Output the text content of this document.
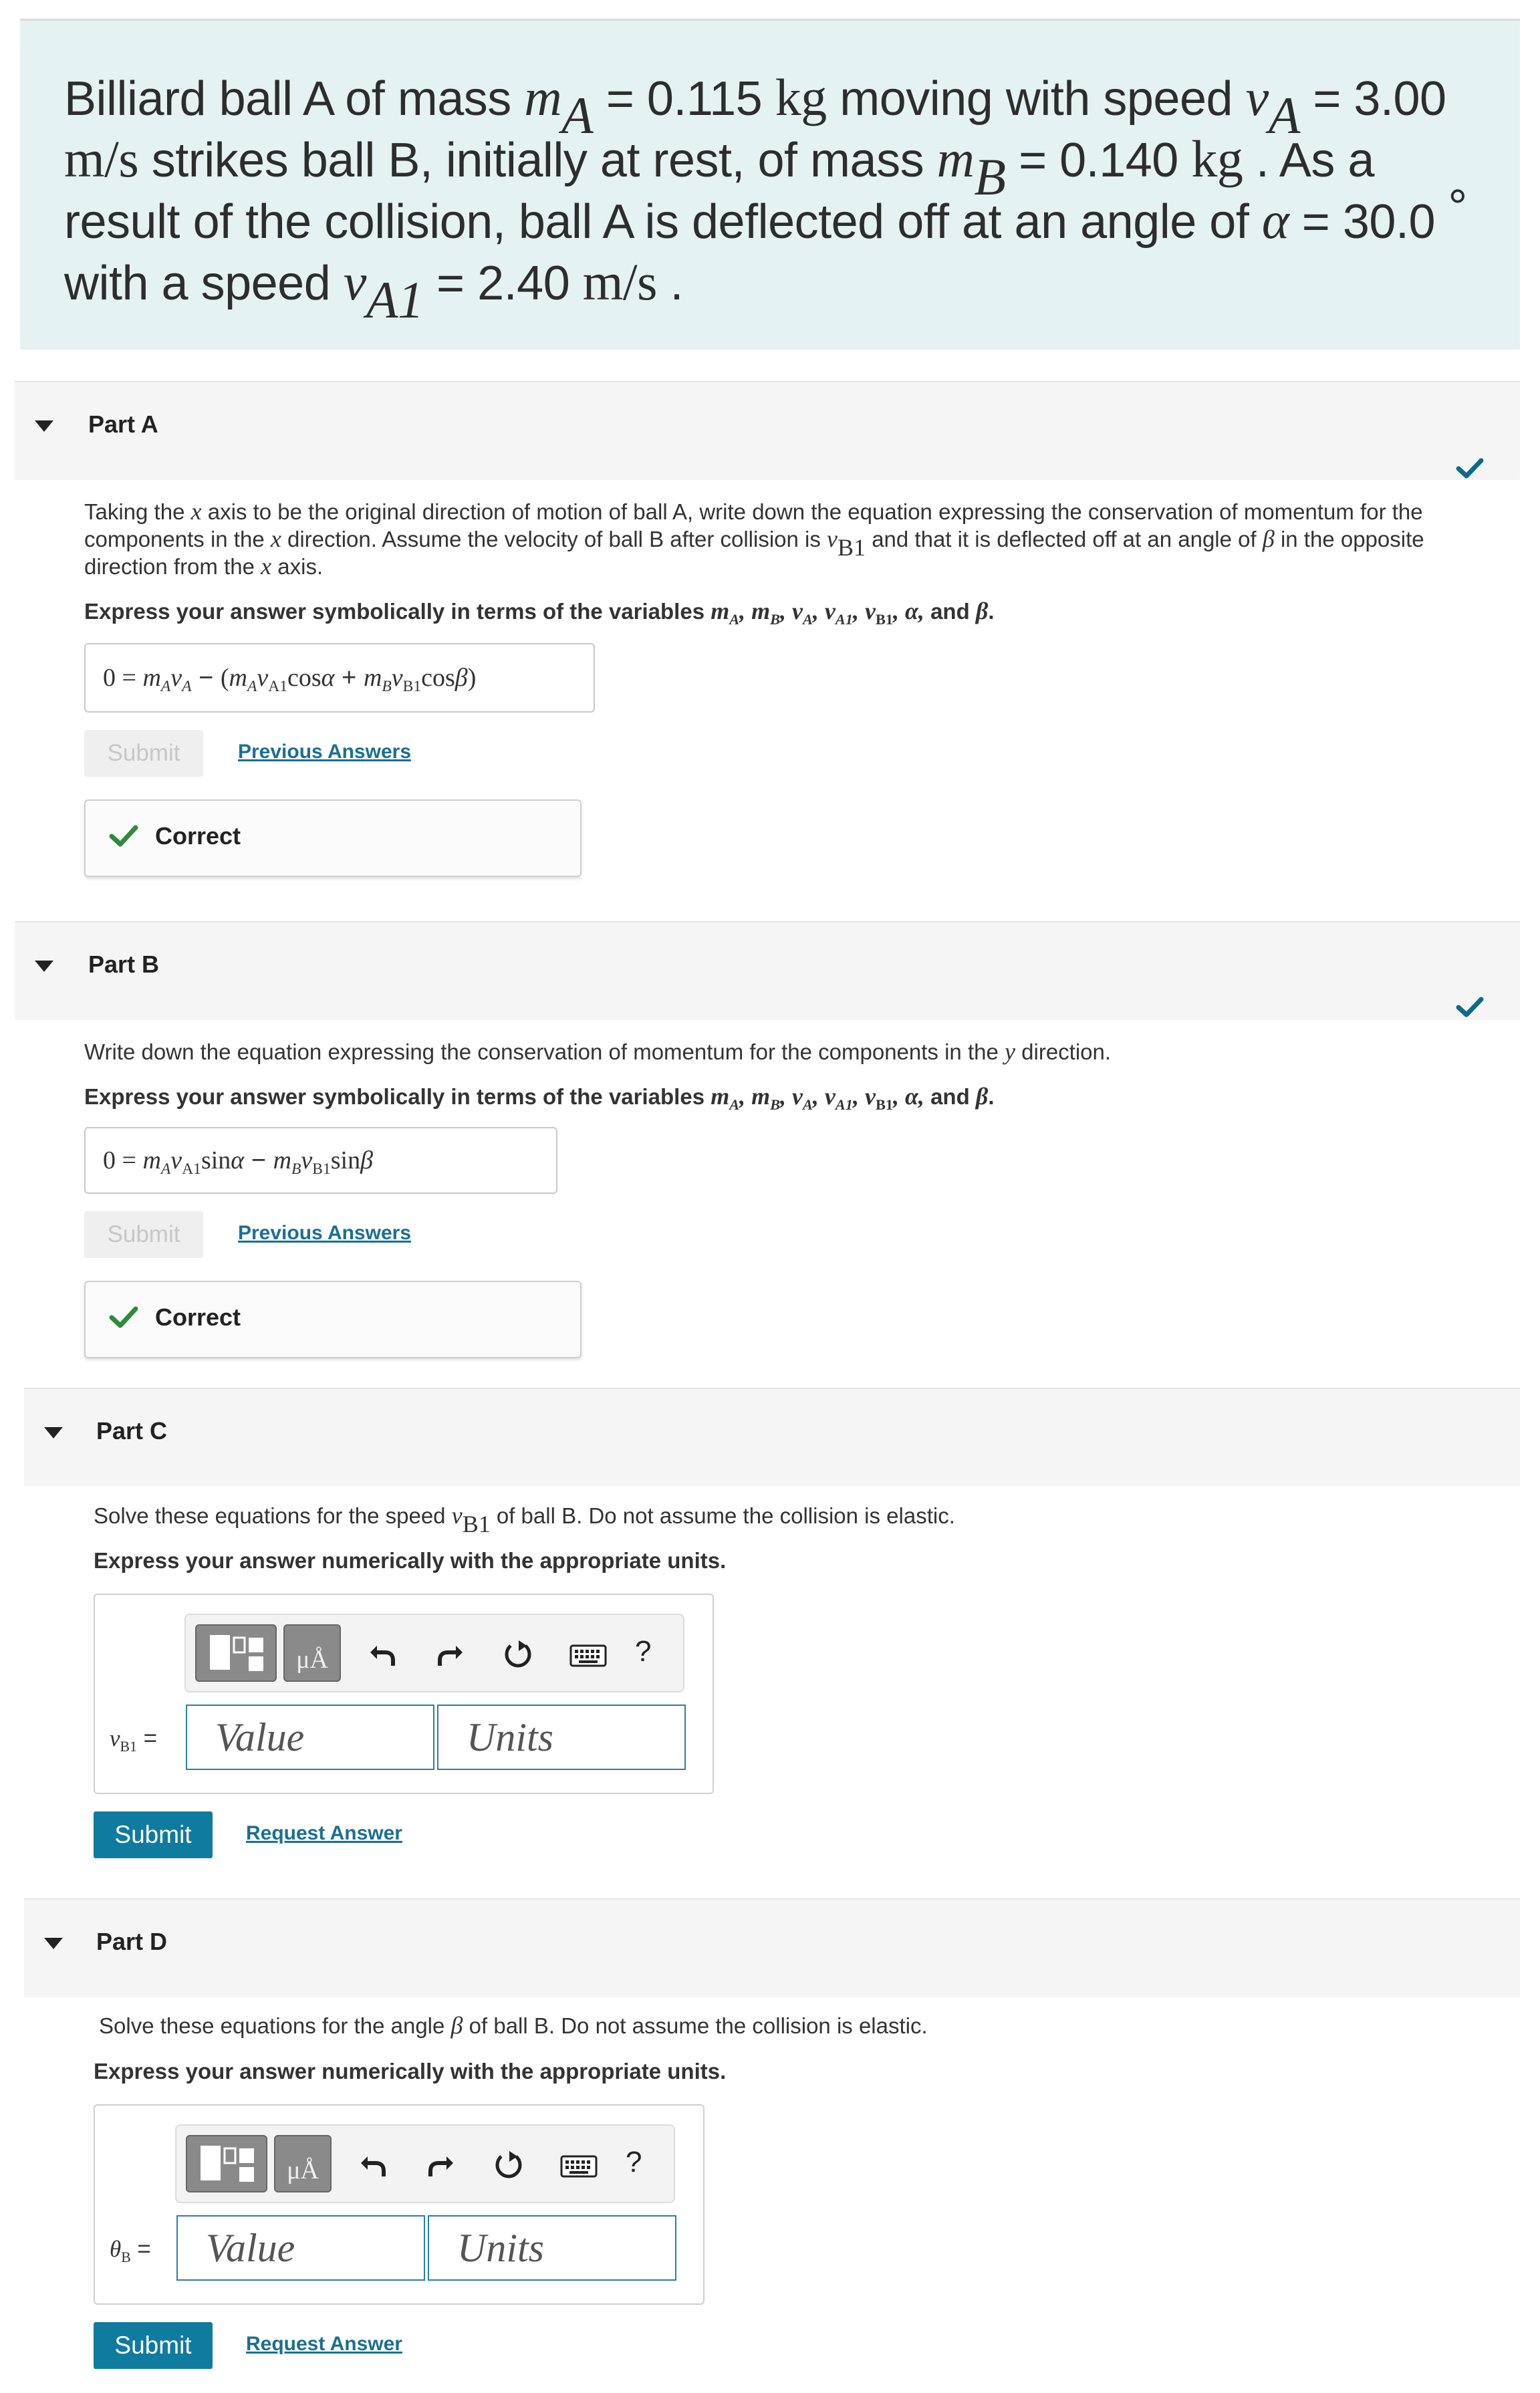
Billiard ball A of mass mA = 0.115 kg moving with speed vA = 3.00
m/s strikes ball B, initially at rest, of mass mB = 0.140 kg . As a result of the collision, ball A is deflected off at an angle of α = 30.0 °
with a speed vA1 = 2.40 m/s .

Part A
Taking the x axis to be the original direction of motion of ball A, write down the equation expressing the conservation of momentum for the components in the x direction. Assume the velocity of ball B after collision is vB1 and that it is deflected off at an angle of β in the opposite direction from the x axis.
Express your answer symbolically in terms of the variables $m_A$, $m_B$, $v_A$, $v_{A1}$, $v_{B1}$, α, and β.
$0 = m_Av_A$ − ( $m_Av_{A1}$ $\cos \alpha + m_Bv_{B1}$ cos β )
Submit	Previous Answers
Correct
Part B
Write down the equation expressing the conservation of momentum for the components in the y direction.
Express your answer symbolically in terms of the variables $m_A$, $m_B$, $v_A$, $v_{A1}$, $v_{B1}$, α, and β.
$0 = m_Av_{A1}$ $\sin \alpha - m_Bv_{B1}$ sin β
Submit	Previous Answers
Correct
Part C
Solve these equations for the speed vB1 of ball B. Do not assume the collision is elastic.
Express your answer numerically with the appropriate units.
μÅ	?
$v_{B1}$ =	Value	Units
Submit	Request Answer
Part D
Solve these equations for the angle β of ball B. Do not assume the collision is elastic.
Express your answer numerically with the appropriate units.
μÅ	?
$\theta_B$ =	Value	Units
Submit	Request Answer
